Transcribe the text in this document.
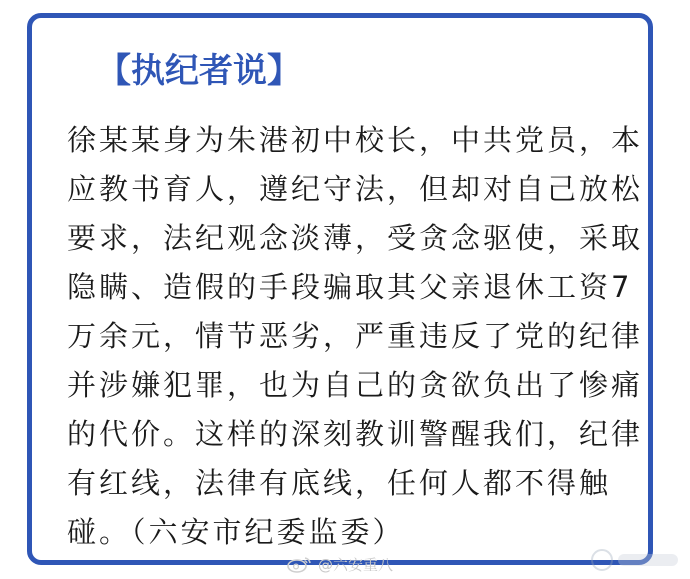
【执纪者说】
徐某某身为朱港初中校长，中共党员，本
应教书育人，遵纪守法，但却对自己放松
要求，法纪观念淡薄，受贪念驱使，采取
隐瞒、造假的手段骗取其父亲退休工资7
万余元，情节恶劣，严重违反了党的纪律
并涉嫌犯罪，也为自己的贪欲负出了惨痛
的代价。这样的深刻教训警醒我们，纪律
有红线，法律有底线，任何人都不得触
碰。（六安市纪委监委）
@六安重八
